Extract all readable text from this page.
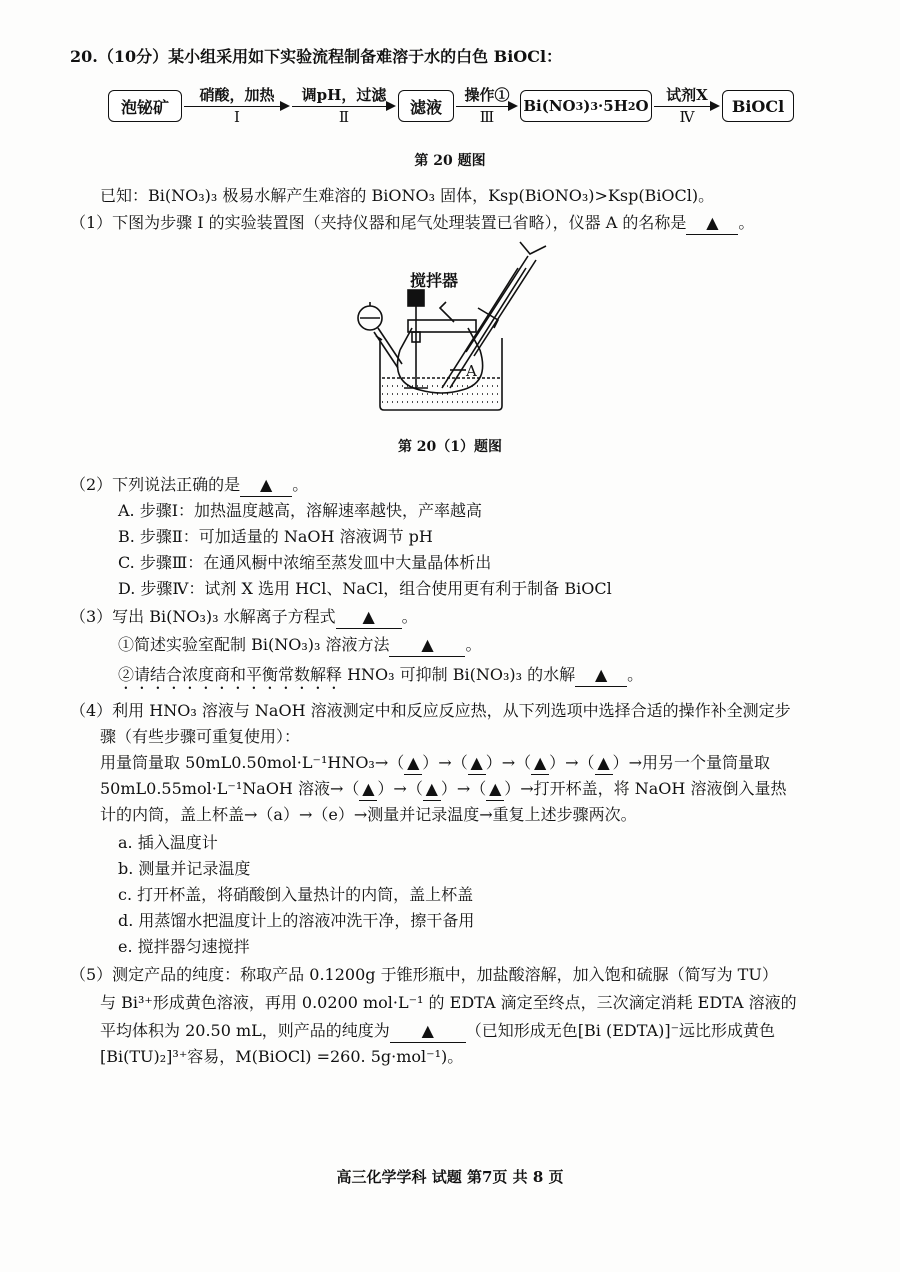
20.（10分）某小组采用如下实验流程制备难溶于水的白色 BiOCl：
泡铋矿
硝酸，加热
Ⅰ
调pH，过滤
Ⅱ
滤液
操作①
Ⅲ
Bi(NO 3 ) 3 ·5H 2 O
试剂X
Ⅳ
BiOCl
第 20 题图
已知：Bi(NO₃)₃ 极易水解产生难溶的 BiONO₃ 固体，Ksp(BiONO₃)>Ksp(BiOCl)。
（1）下图为步骤 I 的实验装置图（夹持仪器和尾气处理装置已省略），仪器 A 的名称是 ▲ 。
搅拌器
A
第 20（1）题图
（2）下列说法正确的是 ▲ 。
A. 步骤Ⅰ：加热温度越高，溶解速率越快，产率越高
B. 步骤Ⅱ：可加适量的 NaOH 溶液调节 pH
C. 步骤Ⅲ：在通风橱中浓缩至蒸发皿中大量晶体析出
D. 步骤Ⅳ：试剂 X 选用 HCl、NaCl，组合使用更有利于制备 BiOCl
（3）写出 Bi(NO₃)₃ 水解离子方程式 ▲ 。
①简述实验室配制 Bi(NO₃)₃ 溶液方法 ▲ 。
②请结合浓度商和平衡常数解释 HNO₃ 可抑制 Bi(NO₃)₃ 的水解 ▲ 。
（4）利用 HNO₃ 溶液与 NaOH 溶液测定中和反应反应热，从下列选项中选择合适的操作补全测定步
骤（有些步骤可重复使用）：
用量筒量取 50mL0.50mol·L⁻¹HNO₃→（ ▲ ）→（ ▲ ）→（ ▲ ）→（ ▲ ）→用另一个量筒量取
50mL0.55mol·L⁻¹NaOH 溶液→（ ▲ ）→（ ▲ ）→（ ▲ ）→打开杯盖，将 NaOH 溶液倒入量热
计的内筒，盖上杯盖→（a）→（e）→测量并记录温度→重复上述步骤两次。
a. 插入温度计
b. 测量并记录温度
c. 打开杯盖，将硝酸倒入量热计的内筒，盖上杯盖
d. 用蒸馏水把温度计上的溶液冲洗干净，擦干备用
e. 搅拌器匀速搅拌
（5）测定产品的纯度：称取产品 0.1200g 于锥形瓶中，加盐酸溶解，加入饱和硫脲（简写为 TU）
与 Bi³⁺形成黄色溶液，再用 0.0200 mol·L⁻¹ 的 EDTA 滴定至终点，三次滴定消耗 EDTA 溶液的
平均体积为 20.50 mL，则产品的纯度为 ▲ （已知形成无色[Bi (EDTA)]⁻远比形成黄色
[Bi(TU)₂]³⁺容易，M(BiOCl) =260. 5g·mol⁻¹)。
高三化学学科 试题 第7页 共 8 页
